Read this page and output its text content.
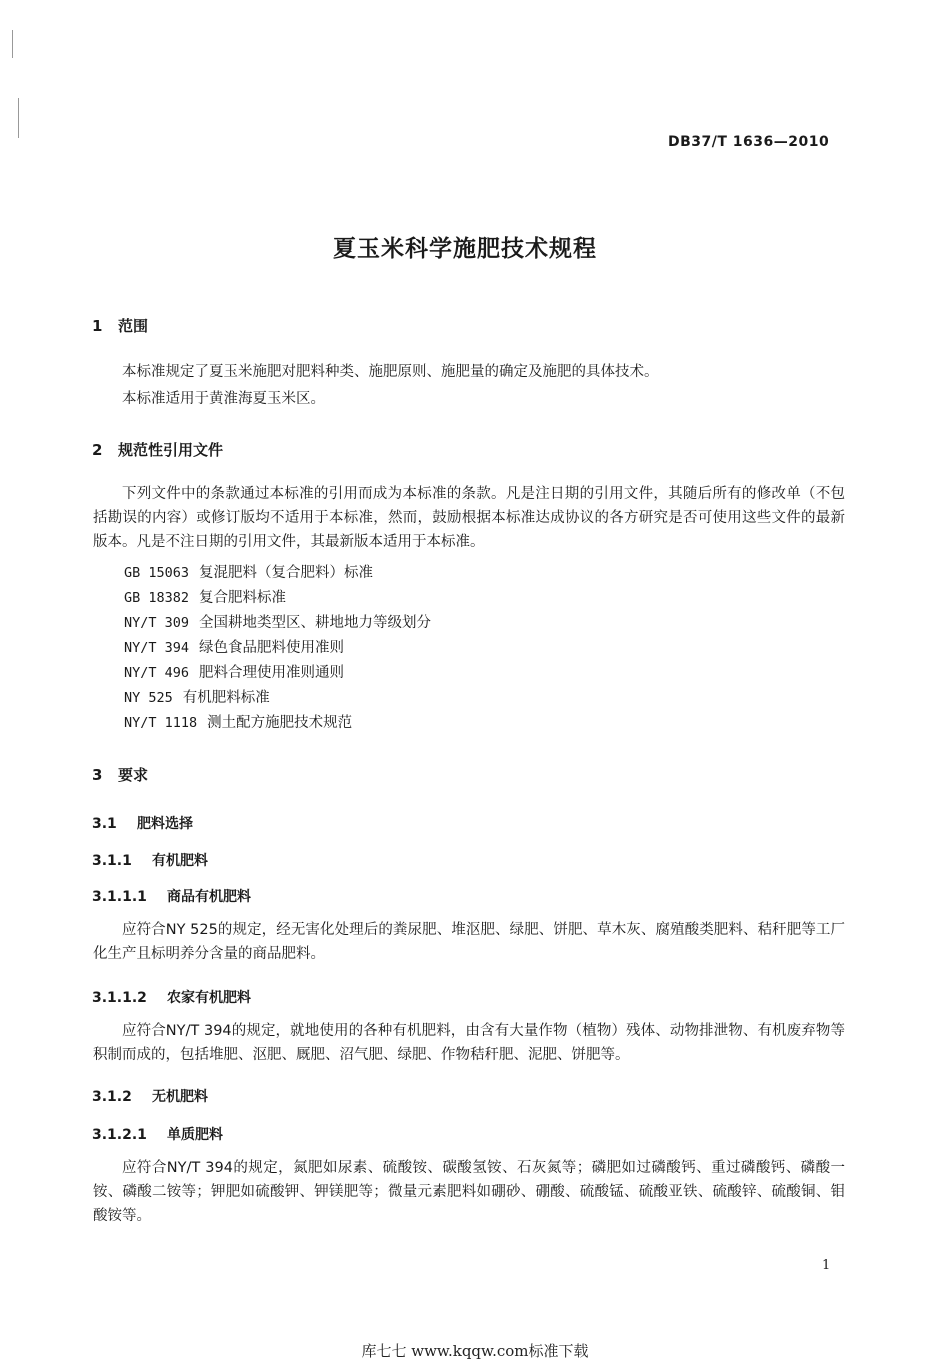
DB37/T 1636—2010
夏玉米科学施肥技术规程
1 范围
本标准规定了夏玉米施肥对肥料种类、施肥原则、施肥量的确定及施肥的具体技术。
本标准适用于黄淮海夏玉米区。
2 规范性引用文件
下列文件中的条款通过本标准的引用而成为本标准的条款。凡是注日期的引用文件，其随后所有的修改单（不包括勘误的内容）或修订版均不适用于本标准，然而，鼓励根据本标准达成协议的各方研究是否可使用这些文件的最新版本。凡是不注日期的引用文件，其最新版本适用于本标准。
GB 15063 复混肥料（复合肥料）标准
GB 18382 复合肥料标准
NY/T 309 全国耕地类型区、耕地地力等级划分
NY/T 394 绿色食品肥料使用准则
NY/T 496 肥料合理使用准则通则
NY 525 有机肥料标准
NY/T 1118 测土配方施肥技术规范
3 要求
3.1 肥料选择
3.1.1 有机肥料
3.1.1.1 商品有机肥料
应符合NY 525的规定，经无害化处理后的粪尿肥、堆沤肥、绿肥、饼肥、草木灰、腐殖酸类肥料、秸秆肥等工厂化生产且标明养分含量的商品肥料。
3.1.1.2 农家有机肥料
应符合NY/T 394的规定，就地使用的各种有机肥料，由含有大量作物（植物）残体、动物排泄物、有机废弃物等积制而成的，包括堆肥、沤肥、厩肥、沼气肥、绿肥、作物秸秆肥、泥肥、饼肥等。
3.1.2 无机肥料
3.1.2.1 单质肥料
应符合NY/T 394的规定，氮肥如尿素、硫酸铵、碳酸氢铵、石灰氮等；磷肥如过磷酸钙、重过磷酸钙、磷酸一铵、磷酸二铵等；钾肥如硫酸钾、钾镁肥等；微量元素肥料如硼砂、硼酸、硫酸锰、硫酸亚铁、硫酸锌、硫酸铜、钼酸铵等。
1
库七七 www.kqqw.com标准下载
